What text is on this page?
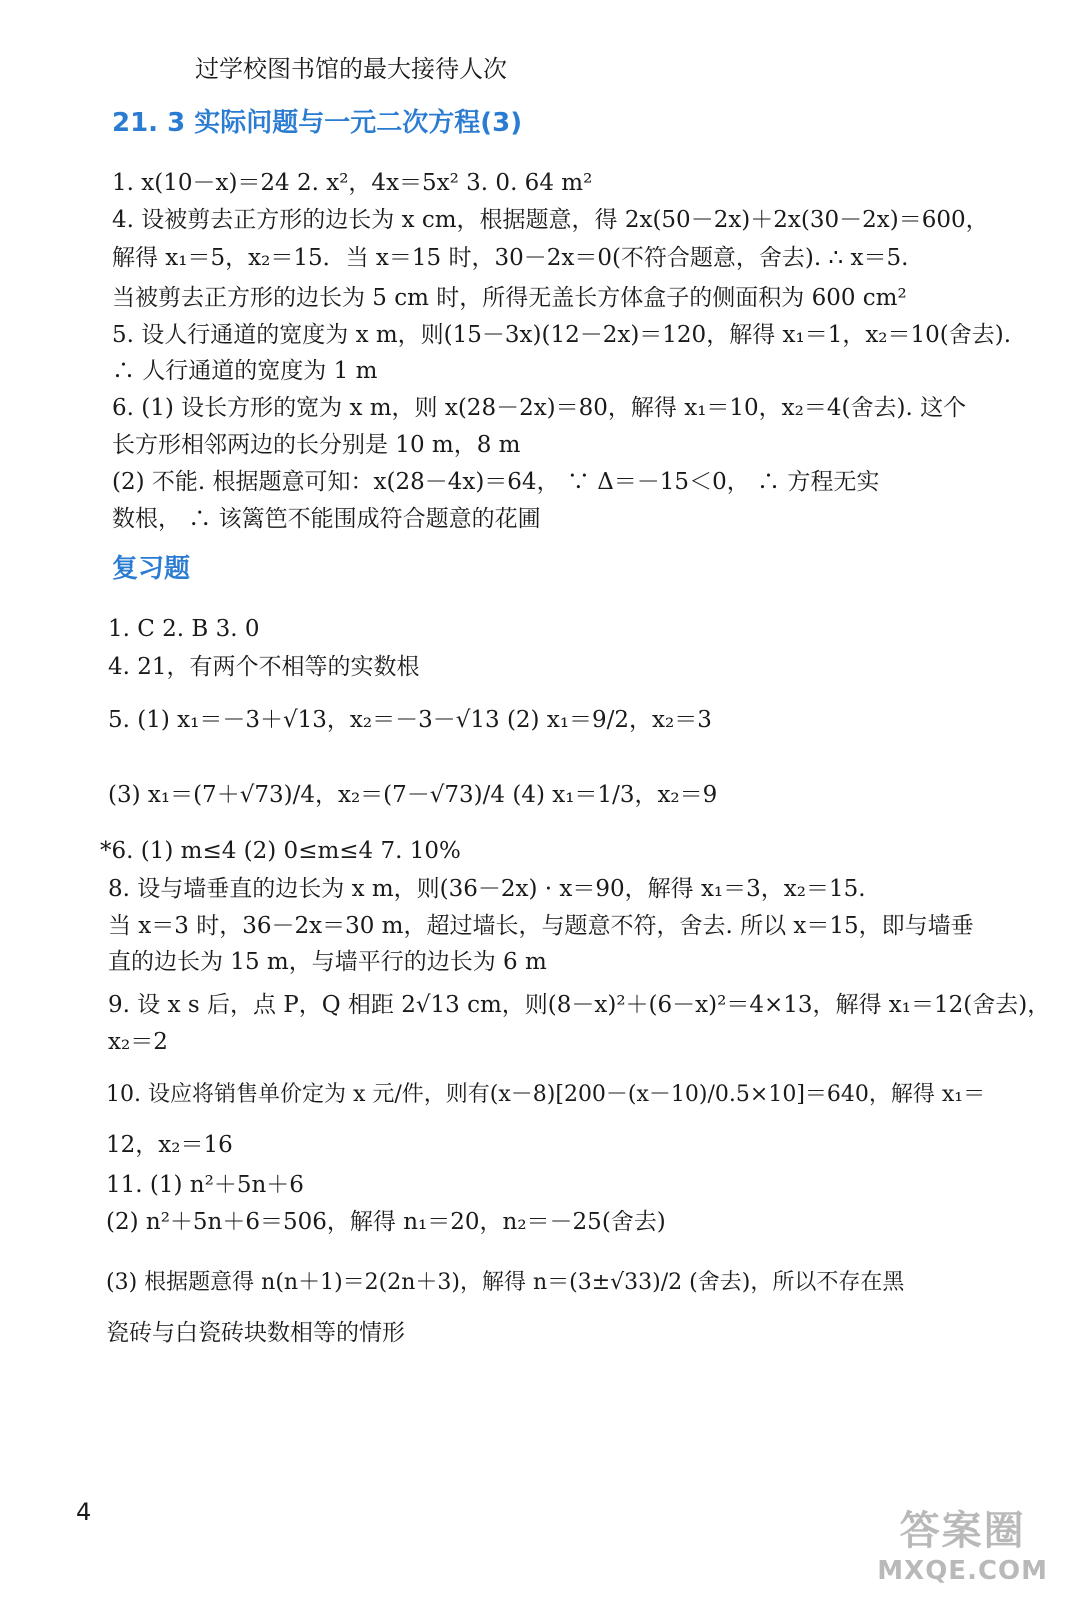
过学校图书馆的最大接待人次
21. 3 实际问题与一元二次方程(3)
1. x(10－x)＝24 2. x²，4x＝5x² 3. 0. 64 m²
4. 设被剪去正方形的边长为 x cm，根据题意，得 2x(50－2x)＋2x(30－2x)＝600，
解得 x₁＝5，x₂＝15．当 x＝15 时，30－2x＝0(不符合题意，舍去). ∴ x＝5.
当被剪去正方形的边长为 5 cm 时，所得无盖长方体盒子的侧面积为 600 cm²
5. 设人行通道的宽度为 x m，则(15－3x)(12－2x)＝120，解得 x₁＝1，x₂＝10(舍去).
∴ 人行通道的宽度为 1 m
6. (1) 设长方形的宽为 x m，则 x(28－2x)＝80，解得 x₁＝10，x₂＝4(舍去). 这个
长方形相邻两边的长分别是 10 m，8 m
(2) 不能. 根据题意可知：x(28－4x)＝64， ∵ Δ＝－15＜0， ∴ 方程无实
数根， ∴ 该篱笆不能围成符合题意的花圃
复习题
1. C 2. B 3. 0
4. 21，有两个不相等的实数根
5. (1) x₁＝－3＋√13，x₂＝－3－√13 (2) x₁＝9/2，x₂＝3
(3) x₁＝(7＋√73)/4，x₂＝(7－√73)/4 (4) x₁＝1/3，x₂＝9
*6. (1) m≤4 (2) 0≤m≤4 7. 10%
8. 设与墙垂直的边长为 x m，则(36－2x) · x＝90，解得 x₁＝3，x₂＝15.
当 x＝3 时，36－2x＝30 m，超过墙长，与题意不符，舍去. 所以 x＝15，即与墙垂
直的边长为 15 m，与墙平行的边长为 6 m
9. 设 x s 后，点 P，Q 相距 2√13 cm，则(8－x)²＋(6－x)²＝4×13，解得 x₁＝12(舍去)，
x₂＝2
10. 设应将销售单价定为 x 元/件，则有(x－8)[200－(x－10)/0.5×10]＝640，解得 x₁＝
12，x₂＝16
11. (1) n²＋5n＋6
(2) n²＋5n＋6＝506，解得 n₁＝20，n₂＝－25(舍去)
(3) 根据题意得 n(n＋1)＝2(2n＋3)，解得 n＝(3±√33)/2 (舍去)，所以不存在黑
瓷砖与白瓷砖块数相等的情形
4	答案圈
MXQE.COM
